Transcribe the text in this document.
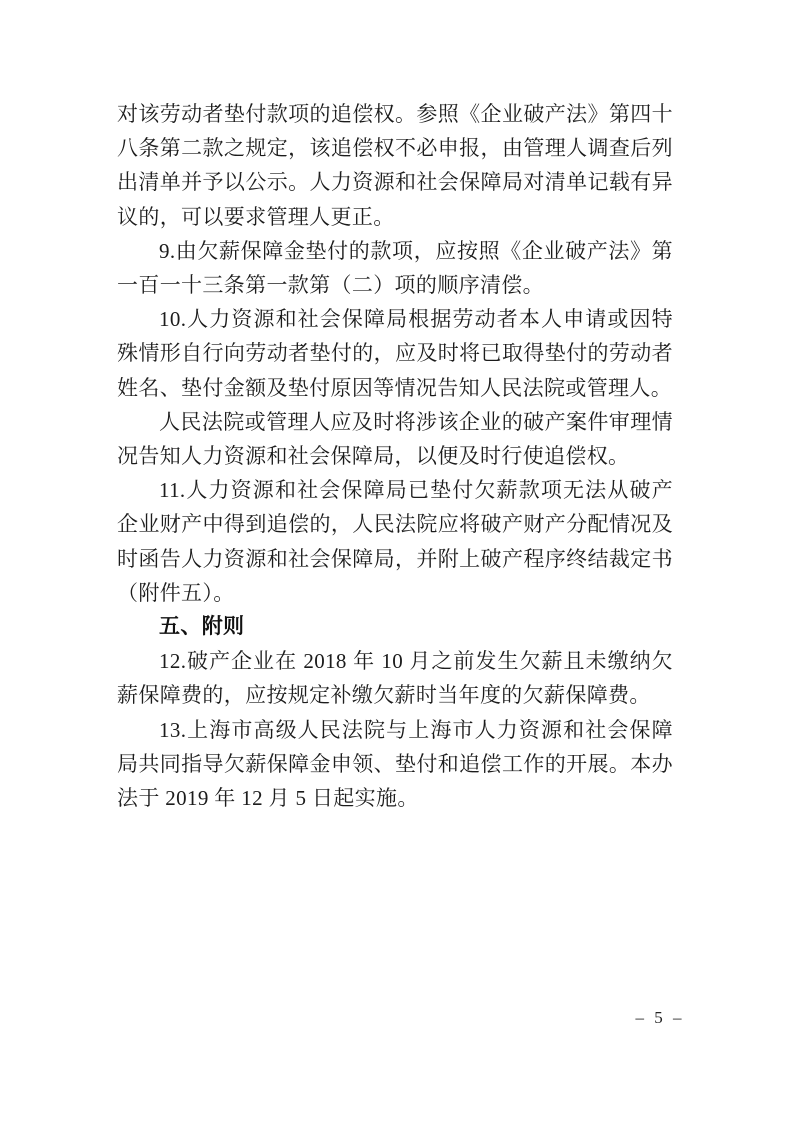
对该劳动者垫付款项的追偿权。参照《企业破产法》第四十八条第二款之规定，该追偿权不必申报，由管理人调查后列出清单并予以公示。人力资源和社会保障局对清单记载有异议的，可以要求管理人更正。

9.由欠薪保障金垫付的款项，应按照《企业破产法》第一百一十三条第一款第（二）项的顺序清偿。

10.人力资源和社会保障局根据劳动者本人申请或因特殊情形自行向劳动者垫付的，应及时将已取得垫付的劳动者姓名、垫付金额及垫付原因等情况告知人民法院或管理人。

人民法院或管理人应及时将涉该企业的破产案件审理情况告知人力资源和社会保障局，以便及时行使追偿权。

11.人力资源和社会保障局已垫付欠薪款项无法从破产企业财产中得到追偿的，人民法院应将破产财产分配情况及时函告人力资源和社会保障局，并附上破产程序终结裁定书（附件五）。

五、附则

12.破产企业在 2018 年 10 月之前发生欠薪且未缴纳欠薪保障费的，应按规定补缴欠薪时当年度的欠薪保障费。

13.上海市高级人民法院与上海市人力资源和社会保障局共同指导欠薪保障金申领、垫付和追偿工作的开展。本办法于 2019 年 12 月 5 日起实施。

– 5 –
